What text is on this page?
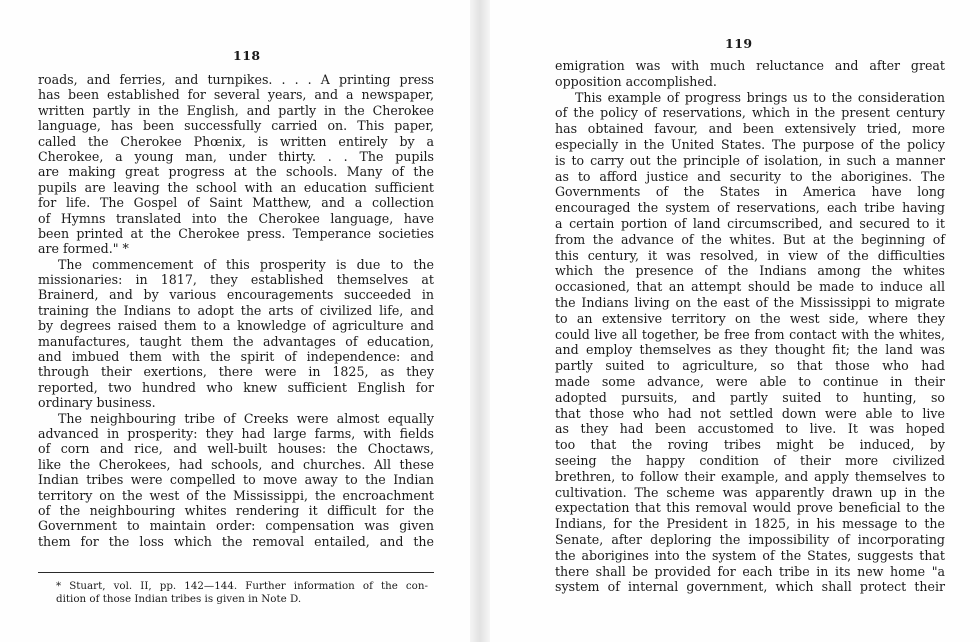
118
roads, and ferries, and turnpikes. . . . A printing press
has been established for several years, and a newspaper,
written partly in the English, and partly in the Cherokee
language, has been successfully carried on. This paper,
called the Cherokee Phœnix, is written entirely by a
Cherokee, a young man, under thirty. . . The pupils
are making great progress at the schools. Many of the
pupils are leaving the school with an education sufficient
for life. The Gospel of Saint Matthew, and a collection
of Hymns translated into the Cherokee language, have
been printed at the Cherokee press. Temperance societies
are formed." *
The commencement of this prosperity is due to the
missionaries: in 1817, they established themselves at
Brainerd, and by various encouragements succeeded in
training the Indians to adopt the arts of civilized life, and
by degrees raised them to a knowledge of agriculture and
manufactures, taught them the advantages of education,
and imbued them with the spirit of independence: and
through their exertions, there were in 1825, as they
reported, two hundred who knew sufficient English for
ordinary business.
The neighbouring tribe of Creeks were almost equally
advanced in prosperity: they had large farms, with fields
of corn and rice, and well-built houses: the Choctaws,
like the Cherokees, had schools, and churches. All these
Indian tribes were compelled to move away to the Indian
territory on the west of the Mississippi, the encroachment
of the neighbouring whites rendering it difficult for the
Government to maintain order: compensation was given
them for the loss which the removal entailed, and the
* Stuart, vol. II, pp. 142—144. Further information of the con-
dition of those Indian tribes is given in Note D.
119
emigration was with much reluctance and after great
opposition accomplished.
This example of progress brings us to the consideration
of the policy of reservations, which in the present century
has obtained favour, and been extensively tried, more
especially in the United States. The purpose of the policy
is to carry out the principle of isolation, in such a manner
as to afford justice and security to the aborigines. The
Governments of the States in America have long
encouraged the system of reservations, each tribe having
a certain portion of land circumscribed, and secured to it
from the advance of the whites. But at the beginning of
this century, it was resolved, in view of the difficulties
which the presence of the Indians among the whites
occasioned, that an attempt should be made to induce all
the Indians living on the east of the Mississippi to migrate
to an extensive territory on the west side, where they
could live all together, be free from contact with the whites,
and employ themselves as they thought fit; the land was
partly suited to agriculture, so that those who had
made some advance, were able to continue in their
adopted pursuits, and partly suited to hunting, so
that those who had not settled down were able to live
as they had been accustomed to live. It was hoped
too that the roving tribes might be induced, by
seeing the happy condition of their more civilized
brethren, to follow their example, and apply themselves to
cultivation. The scheme was apparently drawn up in the
expectation that this removal would prove beneficial to the
Indians, for the President in 1825, in his message to the
Senate, after deploring the impossibility of incorporating
the aborigines into the system of the States, suggests that
there shall be provided for each tribe in its new home "a
system of internal government, which shall protect their
